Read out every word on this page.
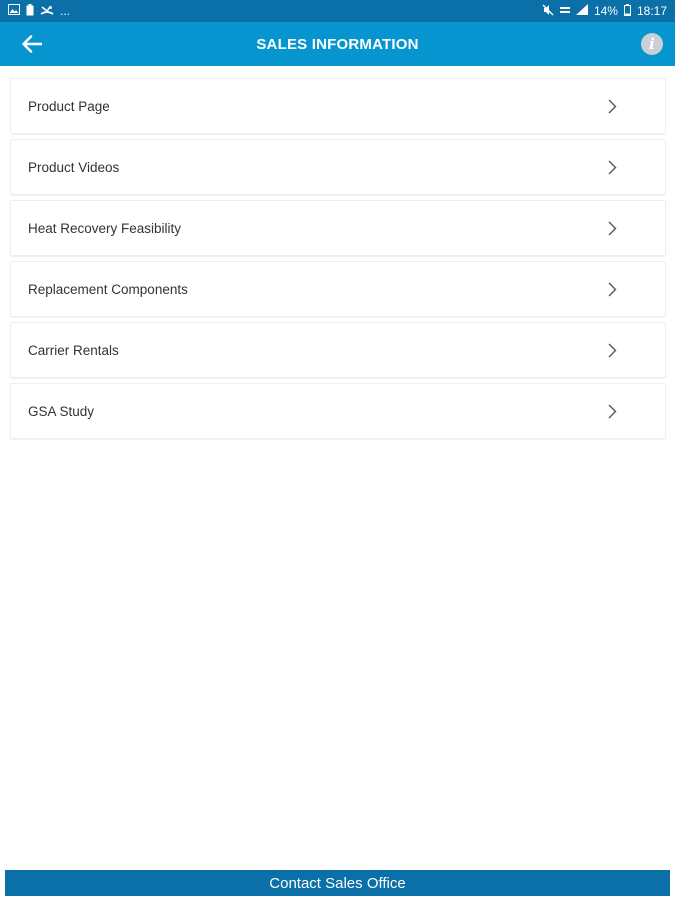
...	14% 18:17
SALES INFORMATION	i
Product Page
Product Videos
Heat Recovery Feasibility
Replacement Components
Carrier Rentals
GSA Study
Contact Sales Office
